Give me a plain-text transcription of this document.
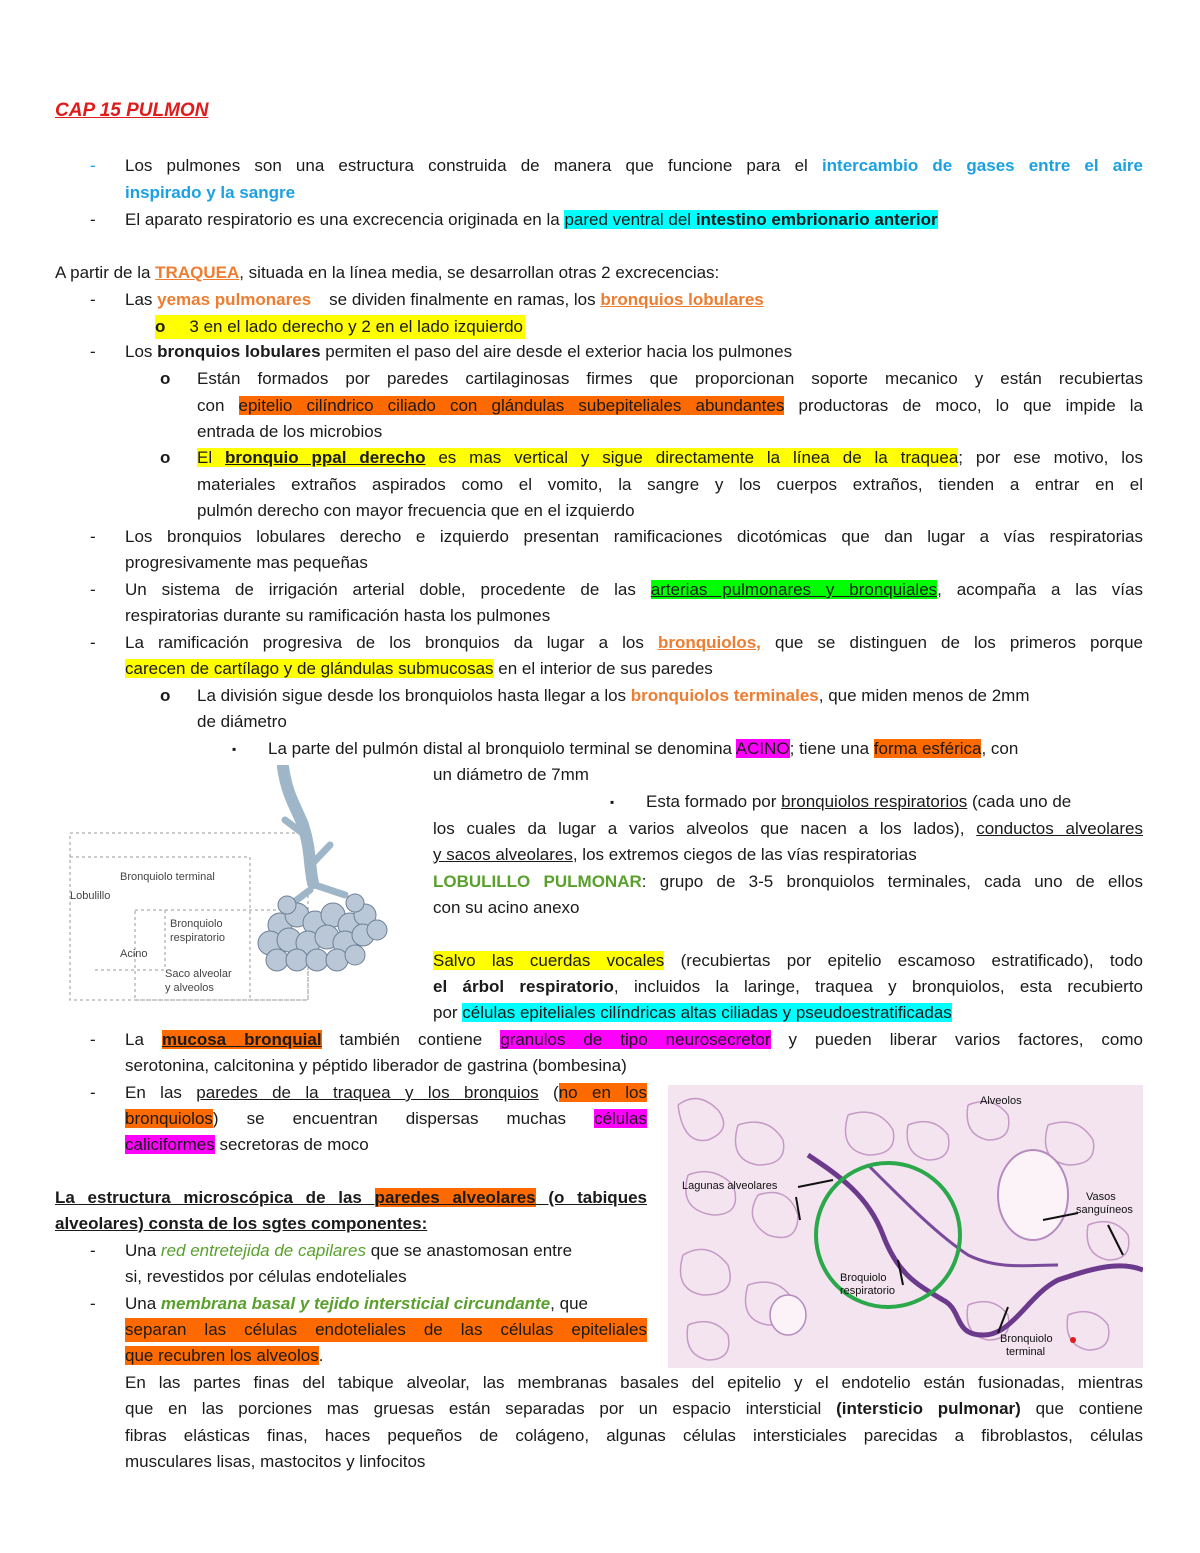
CAP 15 PULMON
- Los pulmones son una estructura construida de manera que funcione para el intercambio de gases entre el aire
inspirado y la sangre
- El aparato respiratorio es una excrecencia originada en la pared ventral del intestino embrionario anterior
A partir de la TRAQUEA, situada en la línea media, se desarrollan otras 2 excrecencias:
- Las yemas pulmonares se dividen finalmente en ramas, los bronquios lobulares
o 3 en el lado derecho y 2 en el lado izquierdo
- Los bronquios lobulares permiten el paso del aire desde el exterior hacia los pulmones
o Están formados por paredes cartilaginosas firmes que proporcionan soporte mecanico y están recubiertas
con epitelio cilíndrico ciliado con glándulas subepiteliales abundantes productoras de moco, lo que impide la
entrada de los microbios
o El bronquio ppal derecho es mas vertical y sigue directamente la línea de la traquea; por ese motivo, los
materiales extraños aspirados como el vomito, la sangre y los cuerpos extraños, tienden a entrar en el
pulmón derecho con mayor frecuencia que en el izquierdo
- Los bronquios lobulares derecho e izquierdo presentan ramificaciones dicotómicas que dan lugar a vías respiratorias
progresivamente mas pequeñas
- Un sistema de irrigación arterial doble, procedente de las arterias pulmonares y bronquiales, acompaña a las vías
respiratorias durante su ramificación hasta los pulmones
- La ramificación progresiva de los bronquios da lugar a los bronquiolos, que se distinguen de los primeros porque
carecen de cartílago y de glándulas submucosas en el interior de sus paredes
o La división sigue desde los bronquiolos hasta llegar a los bronquiolos terminales, que miden menos de 2mm
de diámetro
▪ La parte del pulmón distal al bronquiolo terminal se denomina ACINO; tiene una forma esférica, con
un diámetro de 7mm
▪ Esta formado por bronquiolos respiratorios (cada uno de
los cuales da lugar a varios alveolos que nacen a los lados), conductos alveolares
y sacos alveolares, los extremos ciegos de las vías respiratorias
LOBULILLO PULMONAR: grupo de 3-5 bronquiolos terminales, cada uno de ellos
con su acino anexo
Salvo las cuerdas vocales (recubiertas por epitelio escamoso estratificado), todo
el árbol respiratorio, incluidos la laringe, traquea y bronquiolos, esta recubierto
por células epiteliales cilíndricas altas ciliadas y pseudoestratificadas
- La mucosa bronquial también contiene granulos de tipo neurosecretor y pueden liberar varios factores, como
serotonina, calcitonina y péptido liberador de gastrina (bombesina)
- En las paredes de la traquea y los bronquios (no en los
bronquiolos) se encuentran dispersas muchas células
caliciformes secretoras de moco
La estructura microscópica de las paredes alveolares (o tabiques
alveolares) consta de los sgtes componentes:
- Una red entretejida de capilares que se anastomosan entre
si, revestidos por células endoteliales
- Una membrana basal y tejido intersticial circundante, que
separan las células endoteliales de las células epiteliales
que recubren los alveolos.
En las partes finas del tabique alveolar, las membranas basales del epitelio y el endotelio están fusionadas, mientras
que en las porciones mas gruesas están separadas por un espacio intersticial (intersticio pulmonar) que contiene
fibras elásticas finas, haces pequeños de colágeno, algunas células intersticiales parecidas a fibroblastos, células
musculares lisas, mastocitos y linfocitos
Bronquiolo terminal
Lobulillo
Bronquiolo
respiratorio
Acino
Saco alveolar
y alveolos
Alveolos
Lagunas alveolares
Vasos
sanguíneos
Broquiolo
respiratorio
Bronquiolo
terminal
